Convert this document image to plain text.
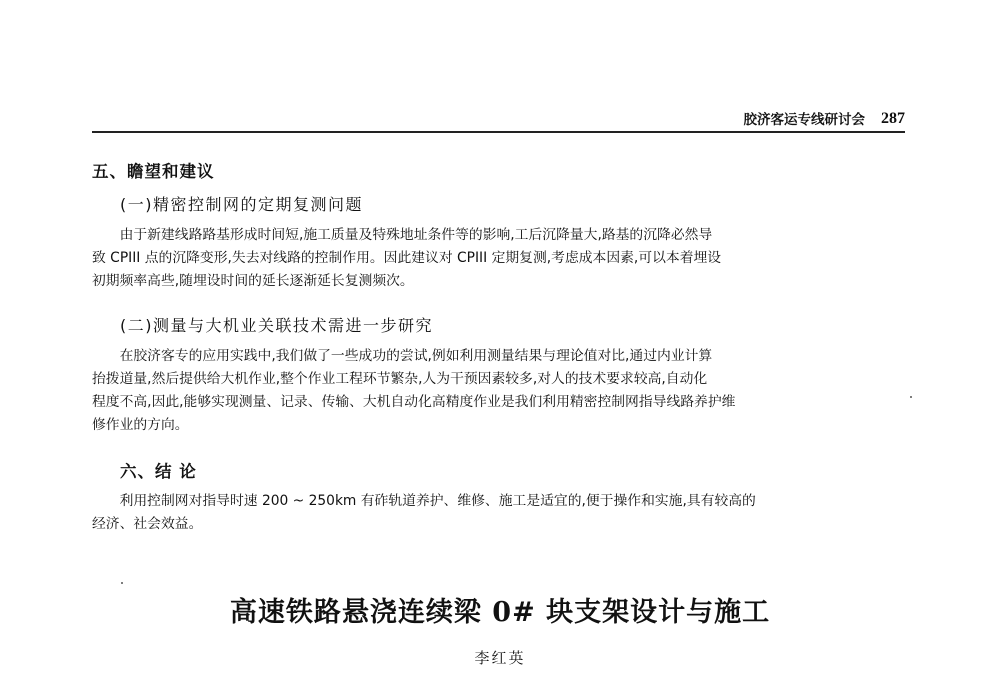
胶济客运专线研讨会 287
五、瞻望和建议
(一)精密控制网的定期复测问题
由于新建线路路基形成时间短,施工质量及特殊地址条件等的影响,工后沉降量大,路基的沉降必然导
致 CPIII 点的沉降变形,失去对线路的控制作用。因此建议对 CPIII 定期复测,考虑成本因素,可以本着埋设
初期频率高些,随埋设时间的延长逐渐延长复测频次。
(二)测量与大机业关联技术需进一步研究
在胶济客专的应用实践中,我们做了一些成功的尝试,例如利用测量结果与理论值对比,通过内业计算
抬拨道量,然后提供给大机作业,整个作业工程环节繁杂,人为干预因素较多,对人的技术要求较高,自动化
程度不高,因此,能够实现测量、记录、传输、大机自动化高精度作业是我们利用精密控制网指导线路养护维
修作业的方向。
六、结 论
利用控制网对指导时速 200 ~ 250km 有砟轨道养护、维修、施工是适宜的,便于操作和实施,具有较高的
经济、社会效益。
高速铁路悬浇连续梁 0# 块支架设计与施工
李红英
